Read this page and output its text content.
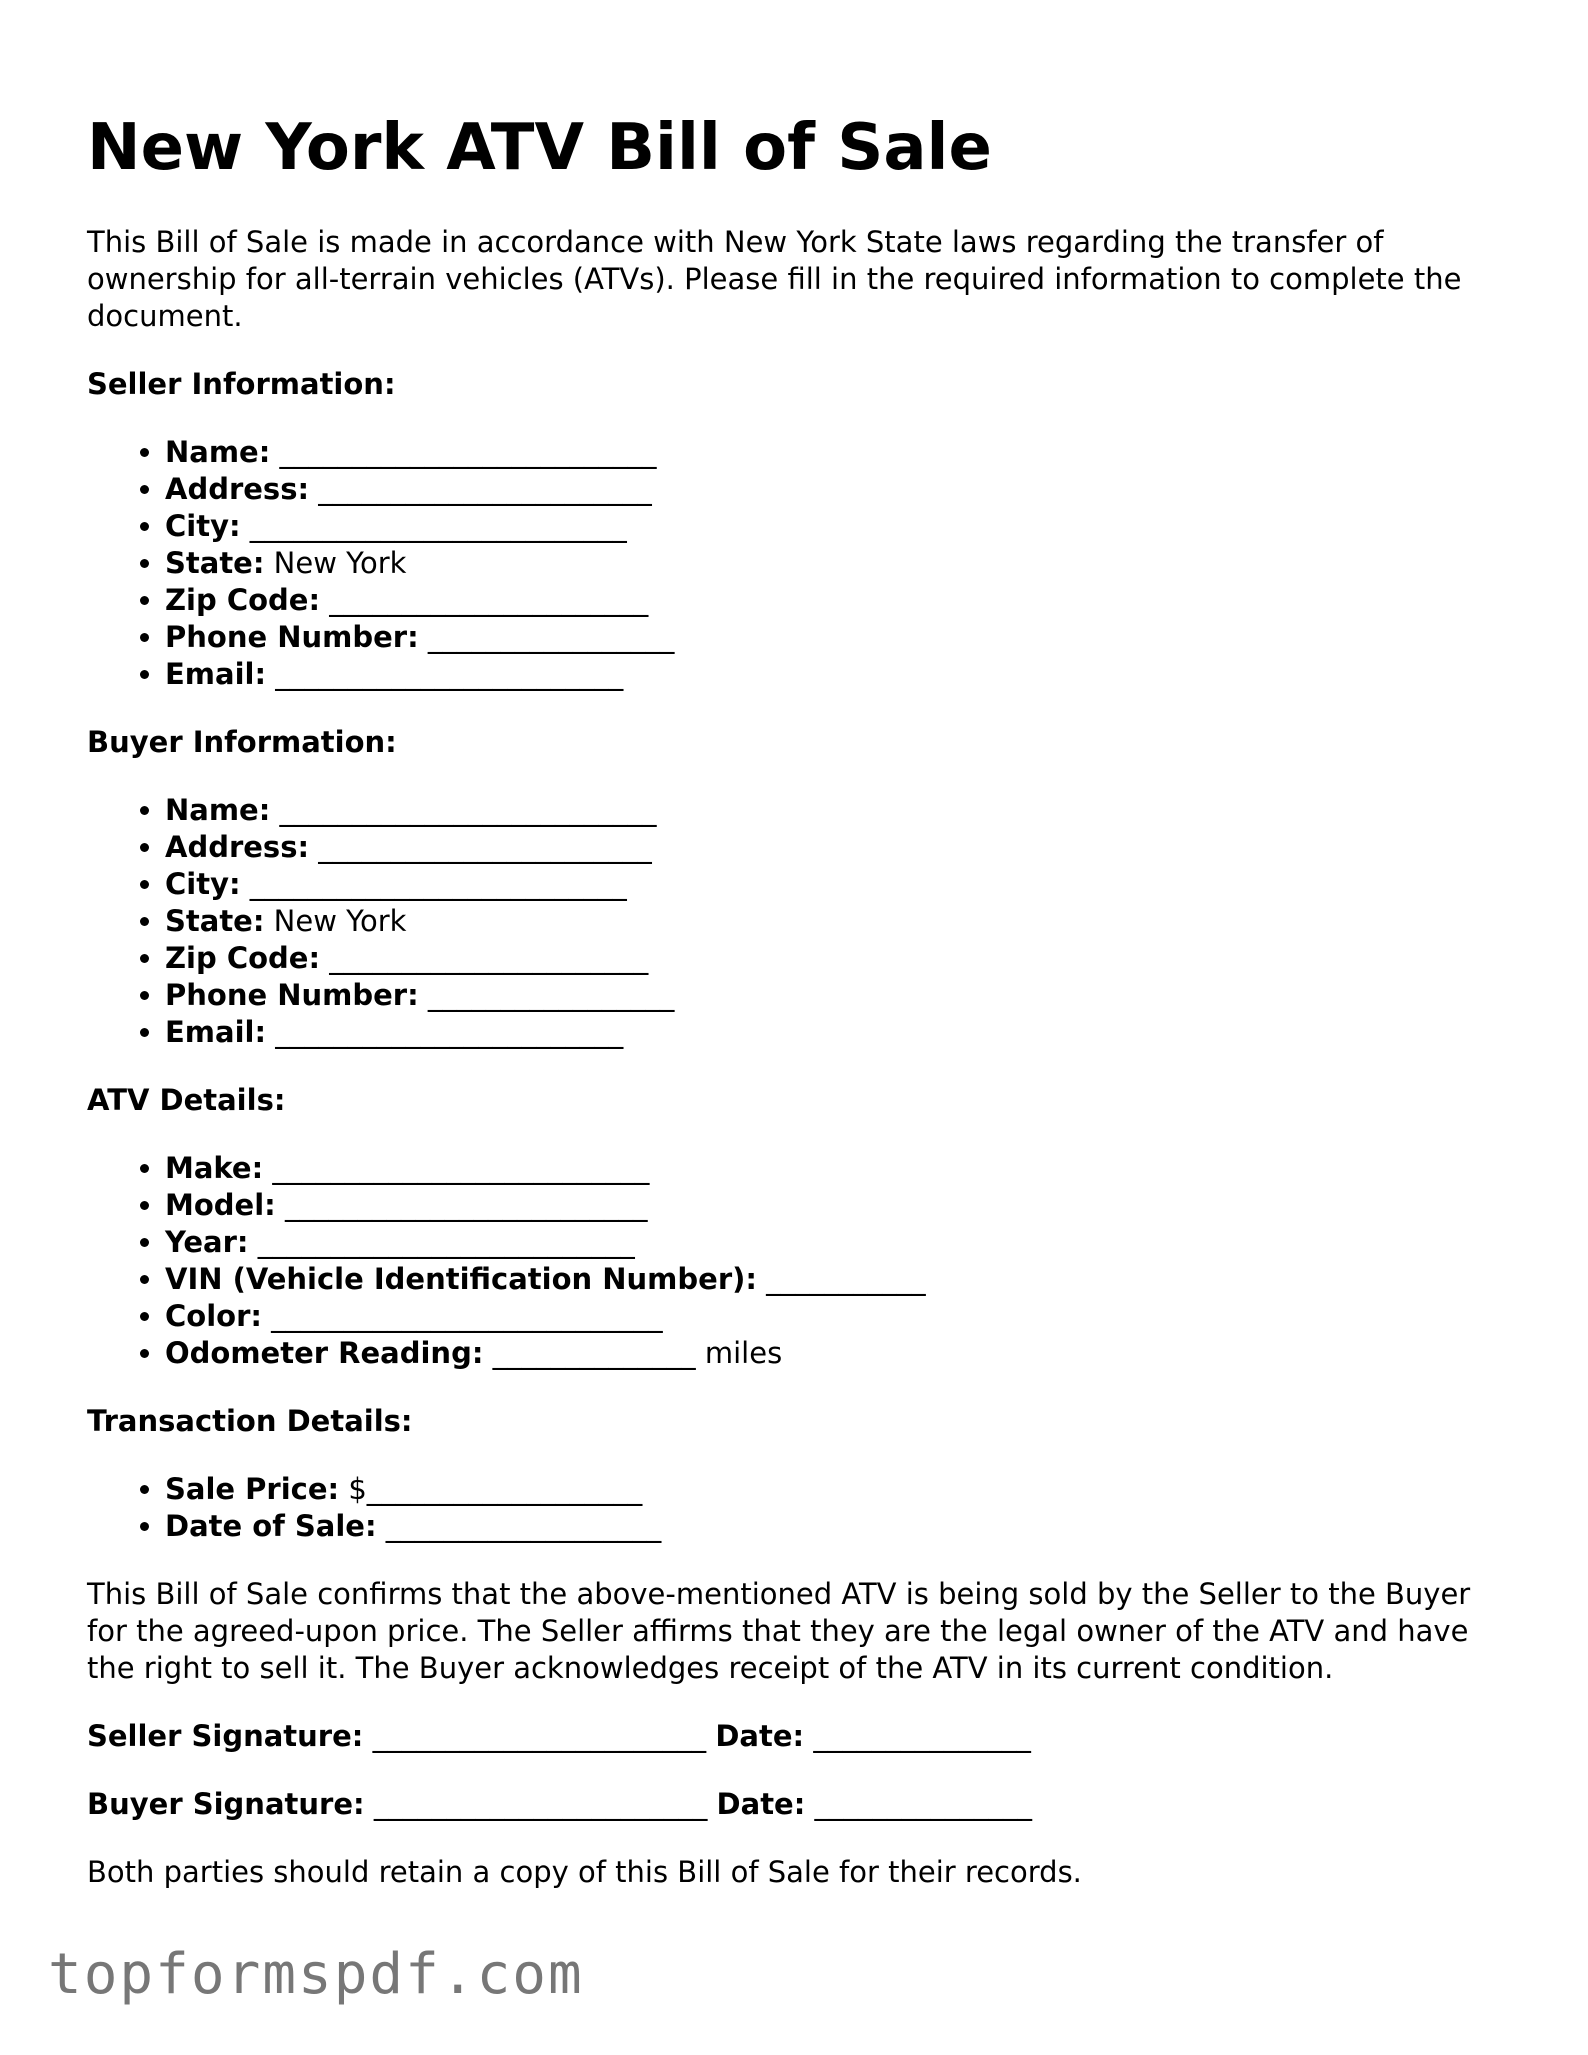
New York ATV Bill of Sale

This Bill of Sale is made in accordance with New York State laws regarding the transfer of ownership for all-terrain vehicles (ATVs). Please fill in the required information to complete the document.

Seller Information:
• Name: __________________________
• Address: _______________________
• City: __________________________
• State: New York
• Zip Code: ______________________
• Phone Number: _________________
• Email: ________________________
Buyer Information:
• Name: __________________________
• Address: _______________________
• City: __________________________
• State: New York
• Zip Code: ______________________
• Phone Number: _________________
• Email: ________________________
ATV Details:
• Make: __________________________
• Model: _________________________
• Year: __________________________
• VIN (Vehicle Identification Number): ___________
• Color: ___________________________
• Odometer Reading: ______________ miles
Transaction Details:
• Sale Price: $___________________
• Date of Sale: ___________________

This Bill of Sale confirms that the above-mentioned ATV is being sold by the Seller to the Buyer for the agreed-upon price. The Seller affirms that they are the legal owner of the ATV and have the right to sell it. The Buyer acknowledges receipt of the ATV in its current condition.

Seller Signature: _______________________ Date: _______________
Buyer Signature: _______________________ Date: _______________

Both parties should retain a copy of this Bill of Sale for their records.

topformspdf.com
